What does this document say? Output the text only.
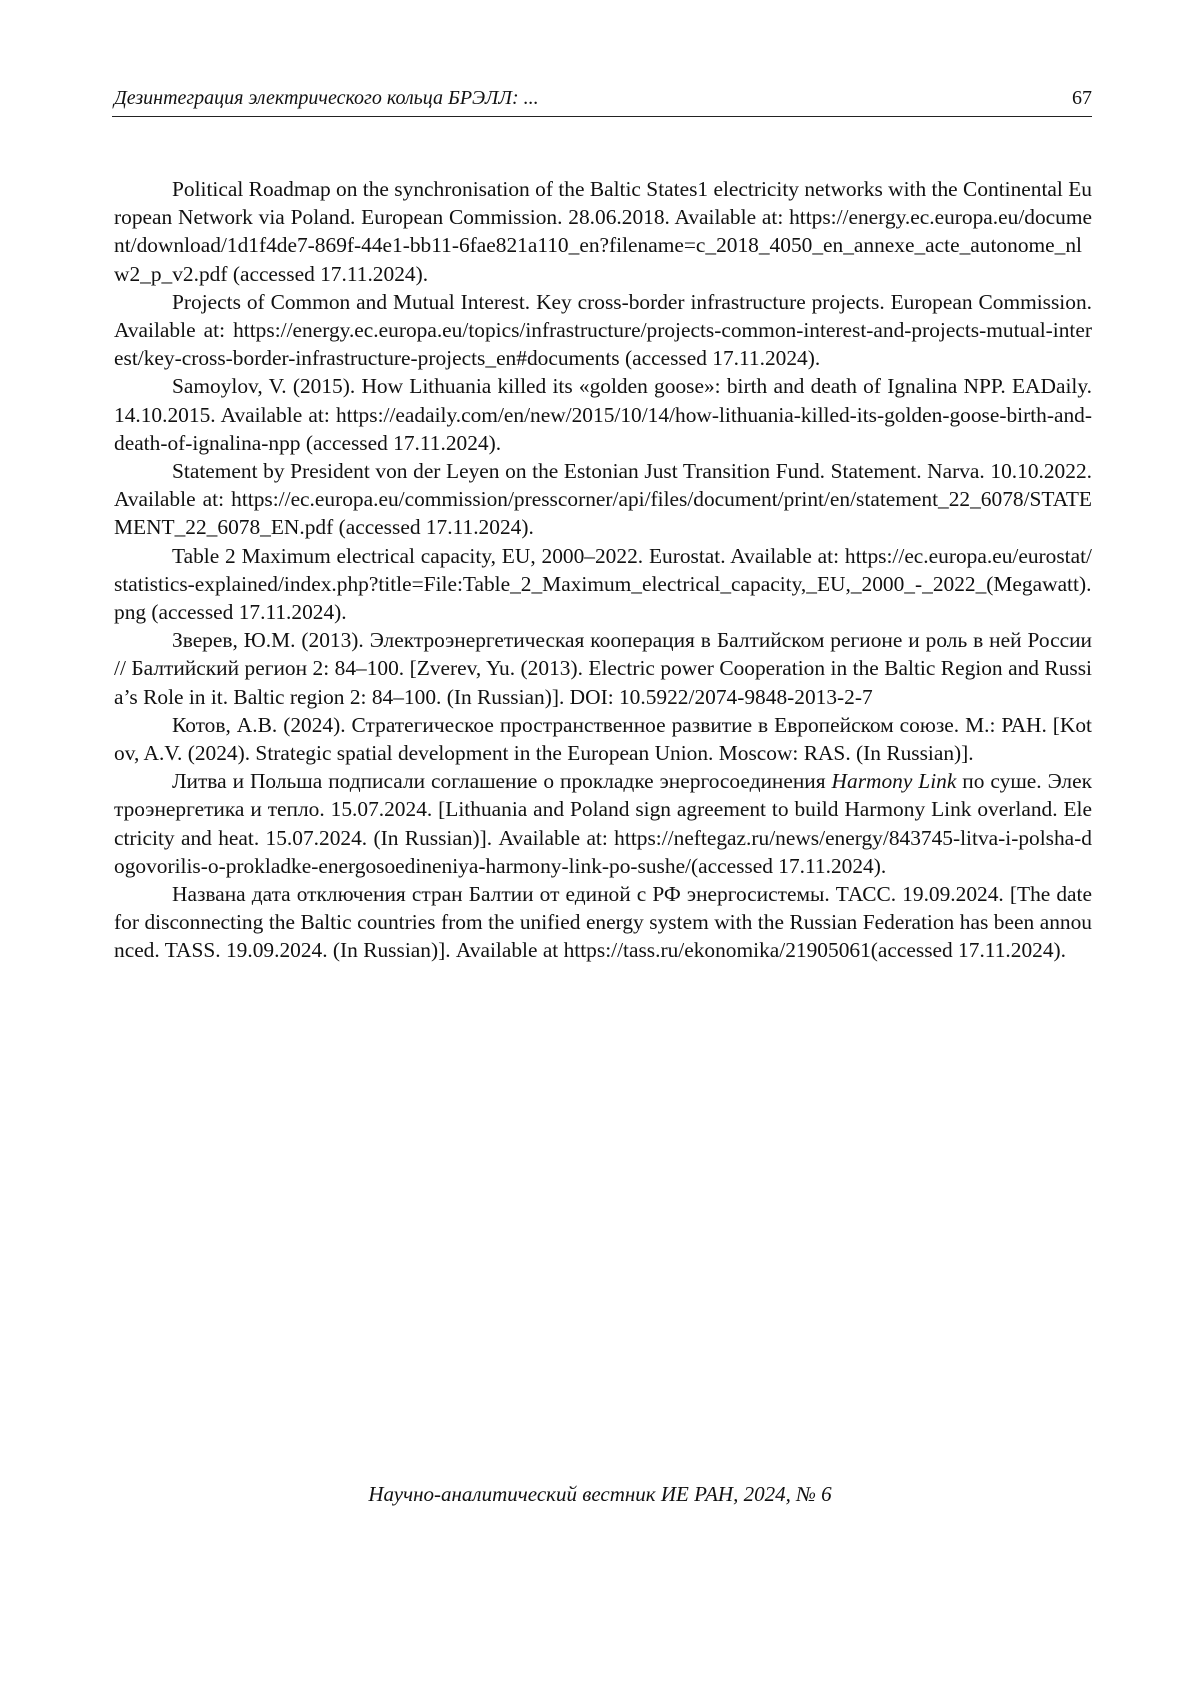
Дезинтеграция электрического кольца БРЭЛЛ: ...	67

Political Roadmap on the synchronisation of the Baltic States1 electricity networks with the Continental European Network via Poland. European Commission. 28.06.2018. Available at: https://energy.ec.europa.eu/document/download/1d1f4de7-869f-44e1-bb11-6fae821a110_en?filename=c_2018_4050_en_annexe_acte_autonome_nlw2_p_v2.pdf (accessed 17.11.2024).

Projects of Common and Mutual Interest. Key cross-border infrastructure projects. European Commission. Available at: https://energy.ec.europa.eu/topics/infrastructure/projects-common-interest-and-projects-mutual-interest/key-cross-border-infrastructure-projects_en#documents (accessed 17.11.2024).

Samoylov, V. (2015). How Lithuania killed its «golden goose»: birth and death of Ignalina NPP. EADaily. 14.10.2015. Available at: https://eadaily.com/en/new/2015/10/14/how-lithuania-killed-its-golden-goose-birth-and-death-of-ignalina-npp (accessed 17.11.2024).

Statement by President von der Leyen on the Estonian Just Transition Fund. Statement. Narva. 10.10.2022. Available at: https://ec.europa.eu/commission/presscorner/api/files/document/print/en/statement_22_6078/STATEMENT_22_6078_EN.pdf (accessed 17.11.2024).

Table 2 Maximum electrical capacity, EU, 2000–2022. Eurostat. Available at: https://ec.europa.eu/eurostat/statistics-explained/index.php?title=File:Table_2_Maximum_electrical_capacity,_EU,_2000_-_2022_(Megawatt).png (accessed 17.11.2024).

Зверев, Ю.М. (2013). Электроэнергетическая кооперация в Балтийском регионе и роль в ней России // Балтийский регион 2: 84–100. [Zverev, Yu. (2013). Electric power Cooperation in the Baltic Region and Russia’s Role in it. Baltic region 2: 84–100. (In Russian)]. DOI: 10.5922/2074-9848-2013-2-7

Котов, А.В. (2024). Стратегическое пространственное развитие в Европейском союзе. М.: РАН. [Kotov, A.V. (2024). Strategic spatial development in the European Union. Moscow: RAS. (In Russian)].

Литва и Польша подписали соглашение о прокладке энергосоединения Harmony Link по суше. Электроэнергетика и тепло. 15.07.2024. [Lithuania and Poland sign agreement to build Harmony Link overland. Electricity and heat. 15.07.2024. (In Russian)]. Available at: https://neftegaz.ru/news/energy/843745-litva-i-polsha-dogovorilis-o-prokladke-energosoedineniya-harmony-link-po-sushe/(accessed 17.11.2024).

Названа дата отключения стран Балтии от единой с РФ энергосистемы. ТАСС. 19.09.2024. [The date for disconnecting the Baltic countries from the unified energy system with the Russian Federation has been announced. TASS. 19.09.2024. (In Russian)]. Available at https://tass.ru/ekonomika/21905061(accessed 17.11.2024).

Научно-аналитический вестник ИЕ РАН, 2024, № 6
